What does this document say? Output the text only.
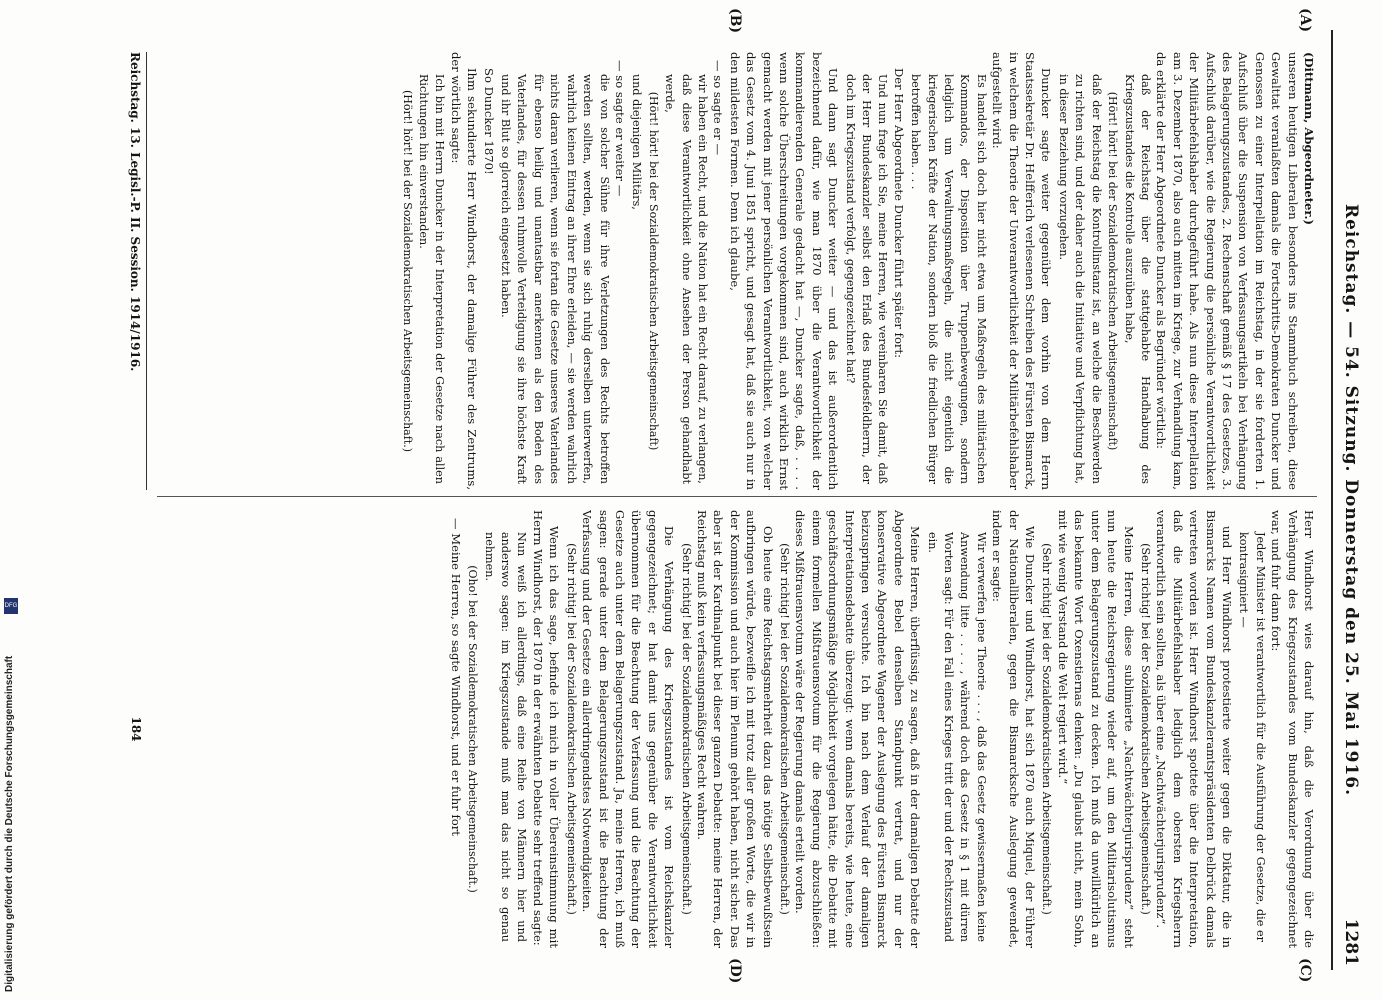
Reichstag. — 54. Sitzung. Donnerstag den 25. Mai 1916.
1281
(A)
(B)
(C)
(D)

(Dittmann, Abgeordneter.)

unseren heutigen Liberalen besonders ins Stammbuch schreiben, diese Gewalttat veranlaßten damals die Fortschritts-Demokraten Duncker und Genossen zu einer Interpellation im Reichstag, in der sie forderten 1. Aufschluß über die Suspension von Verfassungsartikeln bei Verhängung des Belagerungszustandes, 2. Rechenschaft gemäß § 17 des Gesetzes, 3. Aufschluß darüber, wie die Regierung die persönliche Verantwortlichkeit der Militärbefehlshaber durchgeführt habe. Als nun diese Interpellation am 3. Dezember 1870, also auch mitten im Kriege, zur Verhandlung kam, da erklärte der Herr Abgeordnete Duncker als Begründer wörtlich:

daß der Reichstag über die stattgehabte Handhabung des Kriegszustandes die Kontrolle auszuüben habe,

(Hört! hört! bei der Sozialdemokratischen Arbeitsgemeinschaft)

daß der Reichstag die Kontrollinstanz ist, an welche die Beschwerden zu richten sind, und der daher auch die Initiative und Verpflichtung hat, in dieser Beziehung vorzugehen.

Duncker sagte weiter gegenüber dem vorhin von dem Herrn Staatssekretär Dr. Helfferich verlesenen Schreiben des Fürsten Bismarck, in welchem die Theorie der Unverantwortlichkeit der Militärbefehlshaber aufgestellt wird:

Es handelt sich doch hier nicht etwa um Maßregeln des militärischen Kommandos, der Disposition über Truppenbewegungen, sondern lediglich um Verwaltungsmaßregeln, die nicht eigentlich die kriegerischen Kräfte der Nation, sondern bloß die friedlichen Bürger betroffen haben. . . .

Der Herr Abgeordnete Duncker führt später fort:

Und nun frage ich Sie, meine Herren, wie vereinbaren Sie damit, daß der Herr Bundeskanzler selbst den Erlaß des Bundesfeldherrn, der doch im Kriegszustand verfolgt, gegengezeichnet hat?

Und dann sagt Duncker weiter — und das ist außerordentlich bezeichnend dafür, wie man 1870 über die Verantwortlichkeit der kommandierenden Generale gedacht hat —, Duncker sagte, daß, . . . . wenn solche Überschreitungen vorgekommen sind, auch wirklich Ernst gemacht werden mit jener persönlichen Verantwortlichkeit, von welcher das Gesetz vom 4. Juni 1851 spricht, und gesagt hat, daß sie auch nur in den mildesten Formen. Denn ich glaube,

— so sagte er —

wir haben ein Recht, und die Nation hat ein Recht darauf, zu verlangen, daß diese Verantwortlichkeit ohne Ansehen der Person gehandhabt werde,

(Hört! hört! bei der Sozialdemokratischen Arbeitsgemeinschaft)

und diejenigen Militärs,

— so sagte er weiter —

die von solcher Sühne für ihre Verletzungen des Rechts betroffen werden sollten, werden, wenn sie sich ruhig derselben unterwerfen, wahrlich keinen Eintrag an ihrer Ehre erleiden, — sie werden wahrlich nichts daran verlieren, wenn sie fortan die Gesetze unseres Vaterlandes für ebenso heilig und unantastbar anerkennen als den Boden des Vaterlandes, für dessen ruhmvolle Verteidigung sie ihre höchste Kraft und ihr Blut so glorreich eingesetzt haben.

So Duncker 1870!

Ihm sekundierte Herr Windhorst, der damalige Führer des Zentrums, der wörtlich sagte:

Ich bin mit Herrn Duncker in der Interpretation der Gesetze nach allen Richtungen hin einverstanden.

(Hört! hört! bei der Sozialdemokratischen Arbeitsgemeinschaft.)

Herr Windhorst wies darauf hin, daß die Verordnung über die Verhängung des Kriegszustandes vom Bundeskanzler gegengezeichnet war, und fuhr dann fort:

Jeder Minister ist verantwortlich für die Ausführung der Gesetze, die er kontrasigniert —

und Herr Windhorst protestierte weiter gegen die Diktatur, die in Bismarcks Namen vom Bundeskanzleramtspräsidenten Delbrück damals vertreten worden ist. Herr Windhorst spottete über die Interpretation, daß die Militärbefehlshaber lediglich dem obersten Kriegsherrn verantwortlich sein sollten, als über eine „Nachtwächterjurisprudenz“.

(Sehr richtig! bei der Sozialdemokratischen Arbeitsgemeinschaft.)

Meine Herren, diese sublimierte „Nachtwächterjurisprudenz“ steht nun heute die Reichsregierung wieder auf, um den Militarisolutismus unter dem Belagerungszustand zu decken. Ich muß da unwillkürlich an das bekannte Wort Oxenstiernas denken: „Du glaubst nicht, mein Sohn, mit wie wenig Verstand die Welt regiert wird.“

(Sehr richtig! bei der Sozialdemokratischen Arbeitsgemeinschaft.)

Wie Duncker und Windhorst, hat sich 1870 auch Miquel, der Führer der Nationalliberalen, gegen die Bismarcksche Auslegung gewendet, indem er sagte:

Wir verwerfen jene Theorie . . . , daß das Gesetz gewissermaßen keine Anwendung litte . . . . , während doch das Gesetz in § 1 mit dürren Worten sagt: Für den Fall eines Krieges tritt der und der Rechtszustand ein.

Meine Herren, überflüssig, zu sagen, daß in der damaligen Debatte der Abgeordnete Bebel denselben Standpunkt vertrat, und nur der konservative Abgeordnete Wagener der Auslegung des Fürsten Bismarck beizuspringen versuchte. Ich bin nach dem Verlauf der damaligen Interpretationsdebatte überzeugt: wenn damals bereits, wie heute, eine geschäftsordnungsmäßige Möglichkeit vorgelegen hätte, die Debatte mit einem formellen Mißtrauensvotum für die Regierung abzuschließen: dieses Mißtrauensvotum wäre der Regierung damals erteilt worden.

(Sehr richtig! bei der Sozialdemokratischen Arbeitsgemeinschaft.)

Ob heute eine Reichstagsmehrheit dazu das nötige Selbstbewußtsein aufbringen würde, bezweifle ich mit trotz aller großen Worte, die wir in der Kommission und auch hier im Plenum gehört haben, nicht sicher. Das aber ist der Kardinalpunkt bei dieser ganzen Debatte: meine Herren, der Reichstag muß kein verfassungsmäßiges Recht wahren.

(Sehr richtig! bei der Sozialdemokratischen Arbeitsgemeinschaft.)

Die Verhängung des Kriegszustandes ist vom Reichskanzler gegengezeichnet; er hat damit uns gegenüber die Verantwortlichkeit übernommen für die Beachtung der Verfassung und die Beachtung der Gesetze auch unter dem Belagerungszustand. Ja, meine Herren, ich muß sagen: gerade unter dem Belagerungszustand ist die Beachtung der Verfassung und der Gesetze ein allerdringendstes Notwendigkeiten.

(Sehr richtig! bei der Sozialdemokratischen Arbeitsgemeinschaft.)

Wenn ich das sage, befinde ich mich in voller Übereinstimmung mit Herrn Windhorst, der 1870 in der erwähnten Debatte sehr treffend sagte:

Nun weiß ich allerdings, daß eine Reihe von Männern hier und anderswo sagen: im Kriegszustande muß man das nicht so genau nehmen.

(Oho! bei der Sozialdemokratischen Arbeitsgemeinschaft.)

— Meine Herren, so sagte Windhorst, und er fuhr fort

Reichstag. 13. Legisl.-P. II. Session. 1914/1916.
184
Digitalisierung gefördert durch die Deutsche Forschungsgemeinschaft
DFG
